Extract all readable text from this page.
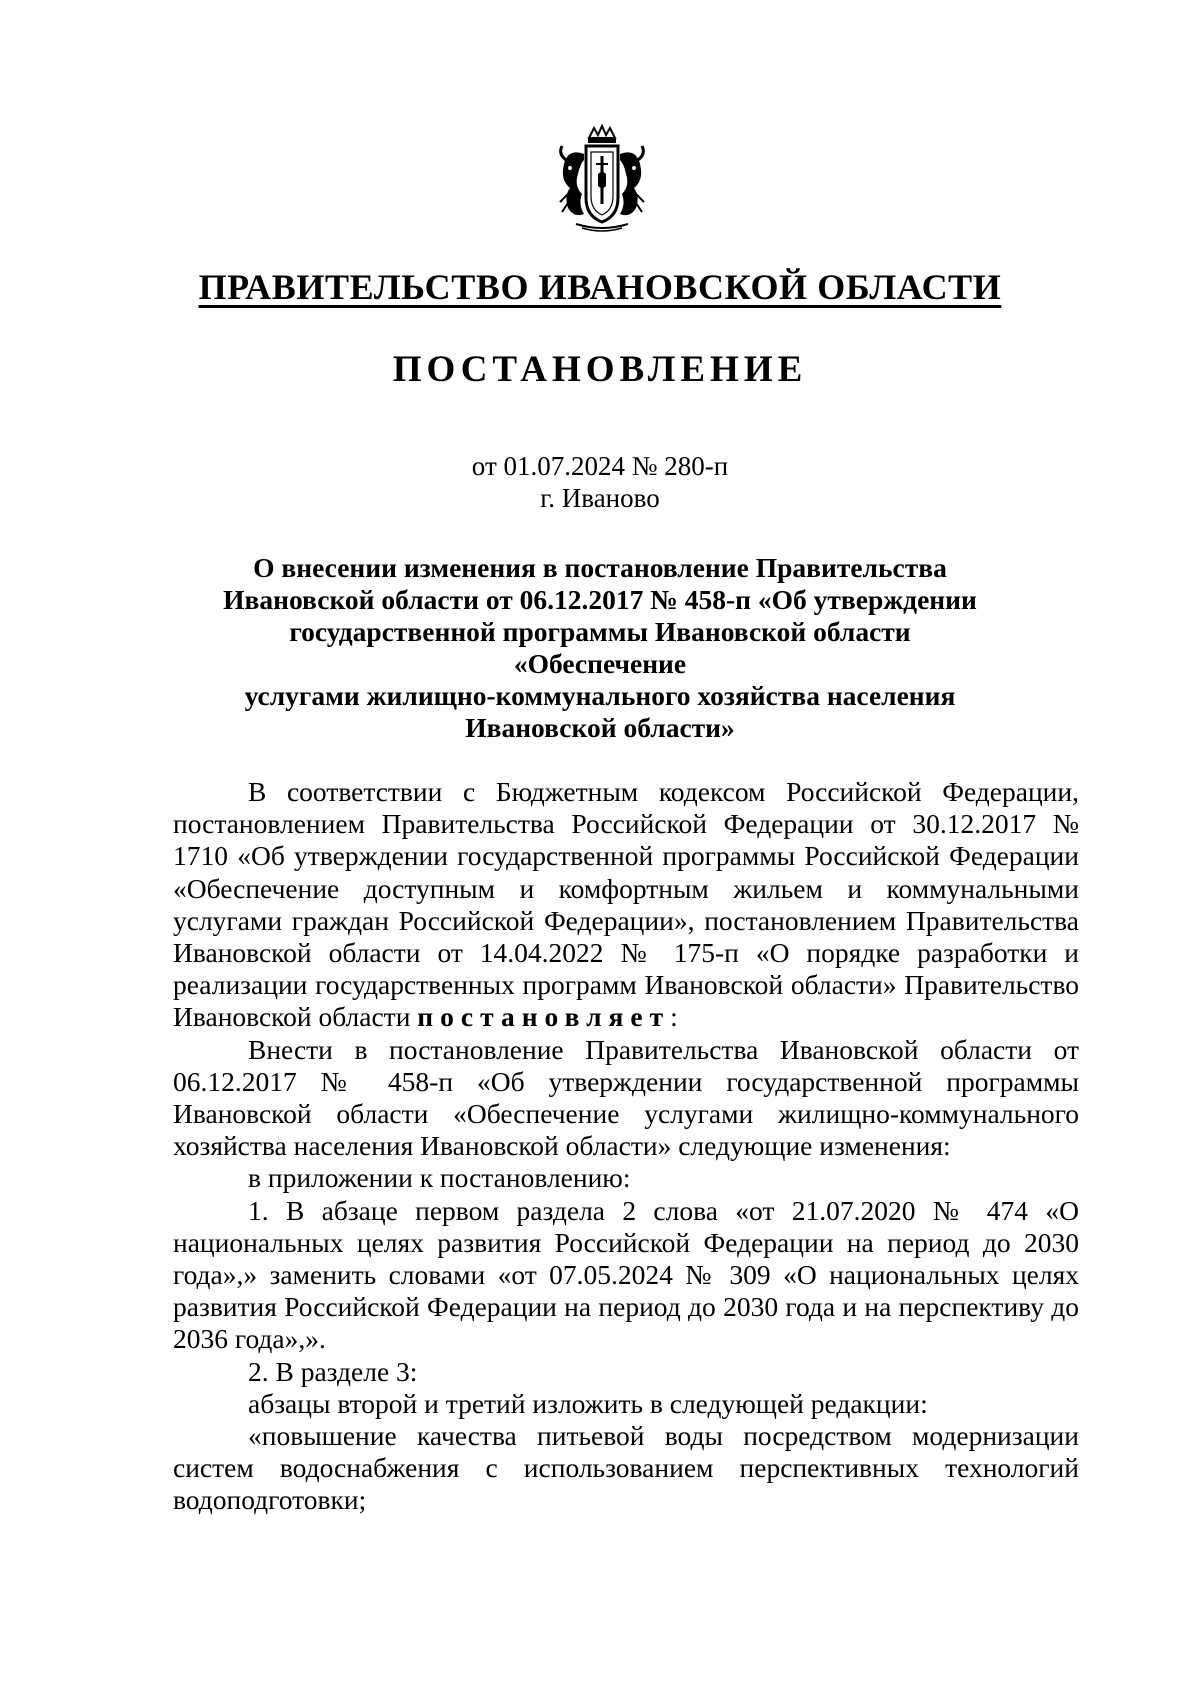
ПРАВИТЕЛЬСТВО ИВАНОВСКОЙ ОБЛАСТИ
ПОСТАНОВЛЕНИЕ
от 01.07.2024 № 280-п
г. Иваново
О внесении изменения в постановление Правительства
Ивановской области от 06.12.2017 № 458-п «Об утверждении
государственной программы Ивановской области «Обеспечение
услугами жилищно-коммунального хозяйства населения
Ивановской области»

В соответствии с Бюджетным кодексом Российской Федерации, постановлением Правительства Российской Федерации от 30.12.2017 № 1710 «Об утверждении государственной программы Российской Федерации «Обеспечение доступным и комфортным жильем и коммунальными услугами граждан Российской Федерации», постановлением Правительства Ивановской области от 14.04.2022 № 175-п «О порядке разработки и реализации государственных программ Ивановской области» Правительство Ивановской области постановляет:

Внести в постановление Правительства Ивановской области от 06.12.2017 № 458-п «Об утверждении государственной программы Ивановской области «Обеспечение услугами жилищно-коммунального хозяйства населения Ивановской области» следующие изменения:

в приложении к постановлению:

1. В абзаце первом раздела 2 слова «от 21.07.2020 № 474 «О национальных целях развития Российской Федерации на период до 2030 года»,» заменить словами «от 07.05.2024 № 309 «О национальных целях развития Российской Федерации на период до 2030 года и на перспективу до 2036 года»,».

2. В разделе 3:

абзацы второй и третий изложить в следующей редакции:

«повышение качества питьевой воды посредством модернизации систем водоснабжения с использованием перспективных технологий водоподготовки;
